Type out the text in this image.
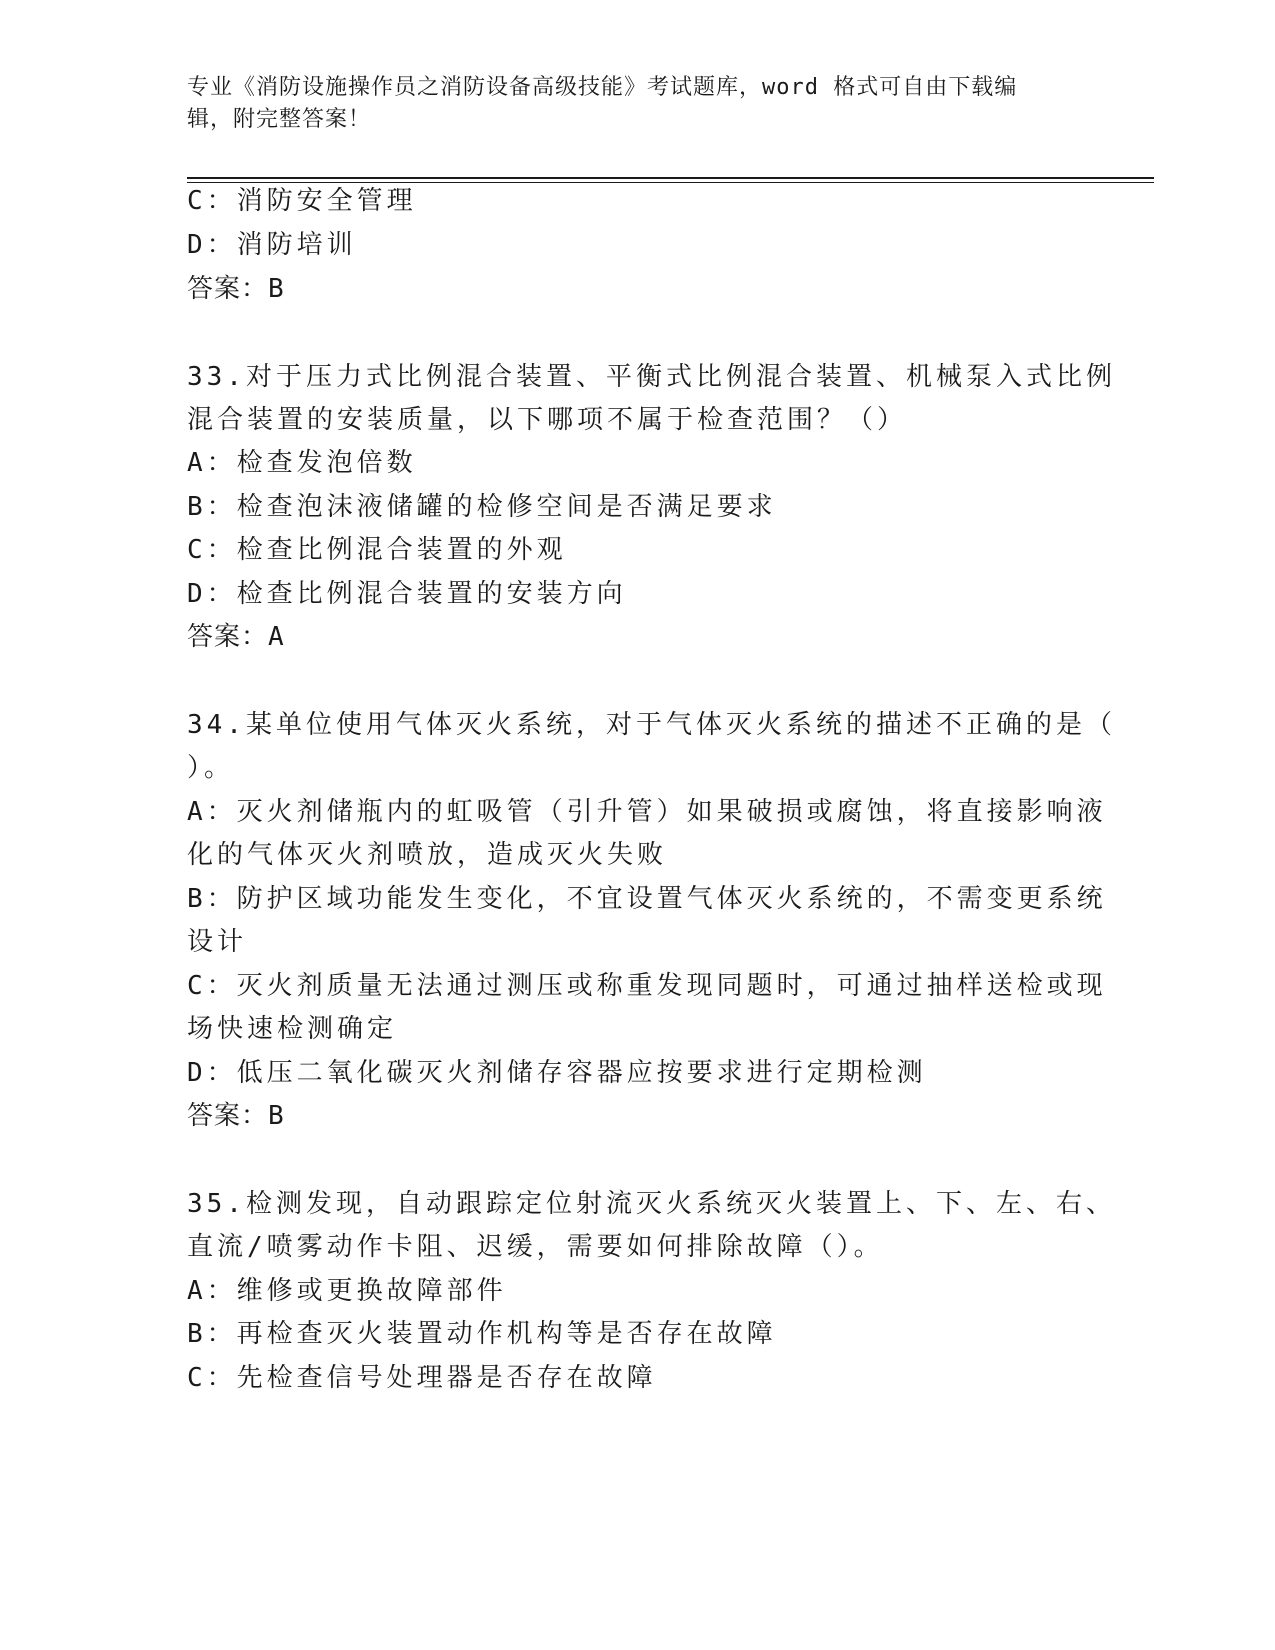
专业《消防设施操作员之消防设备高级技能》考试题库，word 格式可自由下载编
辑，附完整答案！
C：消防安全管理
D：消防培训
答案：B
33.对于压力式比例混合装置、平衡式比例混合装置、机械泵入式比例
混合装置的安装质量，以下哪项不属于检查范围？（）
A：检查发泡倍数
B：检查泡沫液储罐的检修空间是否满足要求
C：检查比例混合装置的外观
D：检查比例混合装置的安装方向
答案：A
34.某单位使用气体灭火系统，对于气体灭火系统的描述不正确的是（
）。
A：灭火剂储瓶内的虹吸管（引升管）如果破损或腐蚀，将直接影响液
化的气体灭火剂喷放，造成灭火失败
B：防护区域功能发生变化，不宜设置气体灭火系统的，不需变更系统
设计
C：灭火剂质量无法通过测压或称重发现同题时，可通过抽样送检或现
场快速检测确定
D：低压二氧化碳灭火剂储存容器应按要求进行定期检测
答案：B
35.检测发现，自动跟踪定位射流灭火系统灭火装置上、下、左、右、
直流/喷雾动作卡阻、迟缓，需要如何排除故障（）。
A：维修或更换故障部件
B：再检查灭火装置动作机构等是否存在故障
C：先检查信号处理器是否存在故障
